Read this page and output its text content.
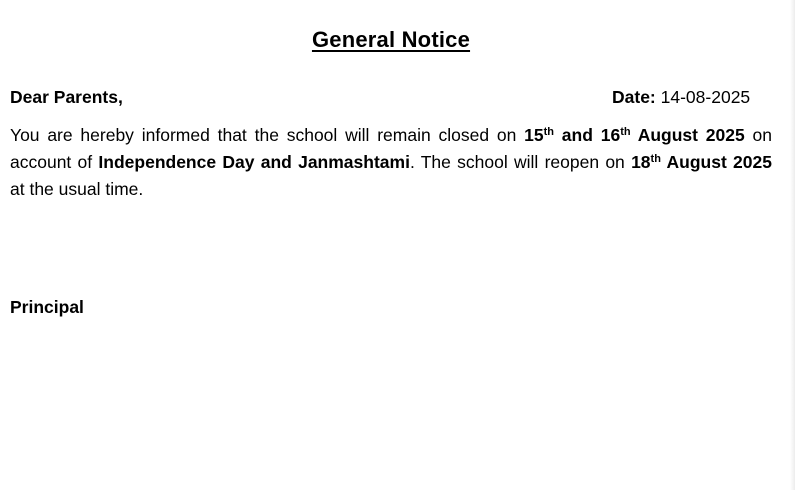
General Notice
Dear Parents,	Date: 14-08-2025
You are hereby informed that the school will remain closed on 15th and 16th August 2025 on account of Independence Day and Janmashtami. The school will reopen on 18th August 2025 at the usual time.
Principal
